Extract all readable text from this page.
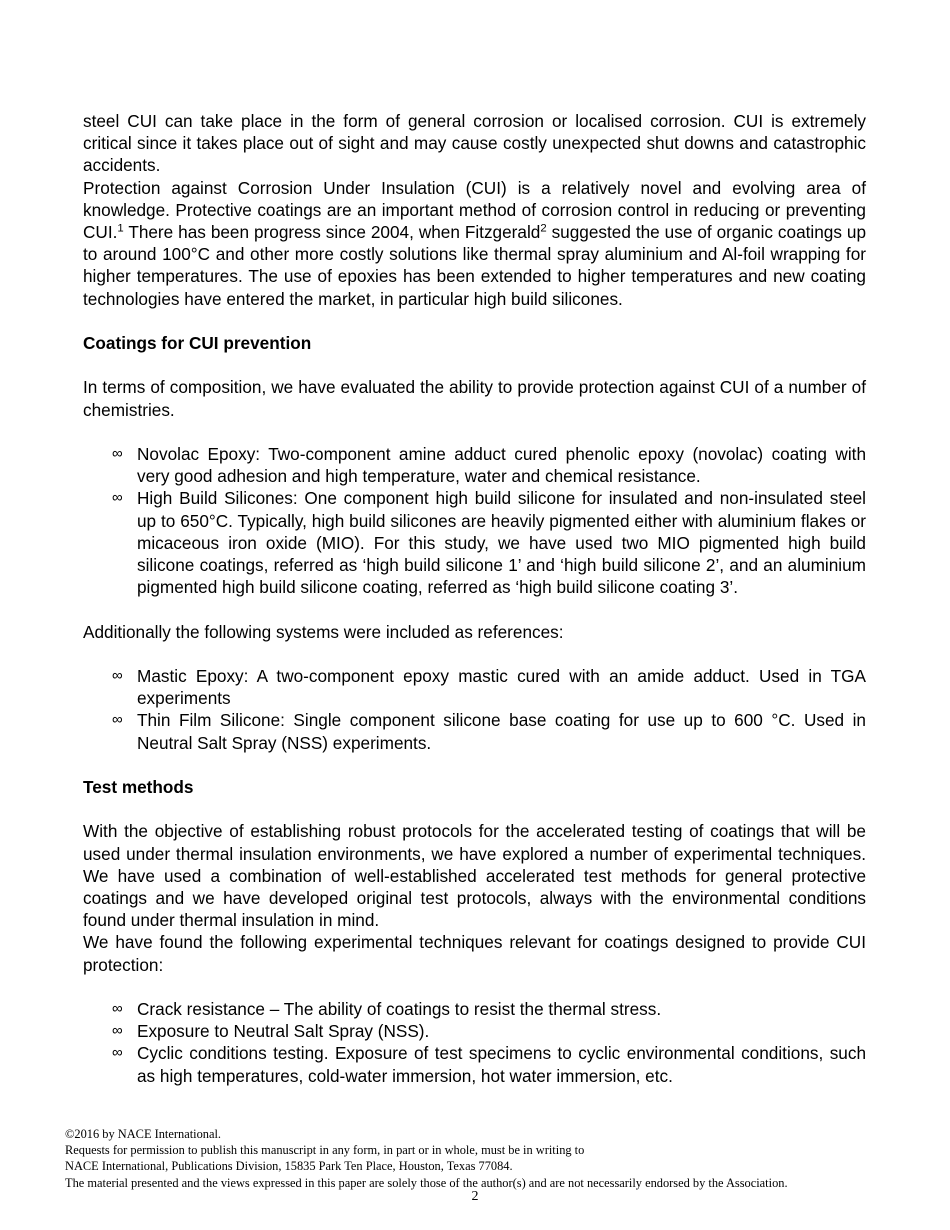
steel CUI can take place in the form of general corrosion or localised corrosion. CUI is extremely critical since it takes place out of sight and may cause costly unexpected shut downs and catastrophic accidents.

Protection against Corrosion Under Insulation (CUI) is a relatively novel and evolving area of knowledge. Protective coatings are an important method of corrosion control in reducing or preventing CUI.$^1$ There has been progress since 2004, when Fitzgerald$^2$ suggested the use of organic coatings up to around 100°C and other more costly solutions like thermal spray aluminium and Al-foil wrapping for higher temperatures. The use of epoxies has been extended to higher temperatures and new coating technologies have entered the market, in particular high build silicones.

Coatings for CUI prevention

In terms of composition, we have evaluated the ability to provide protection against CUI of a number of chemistries.

∞ Novolac Epoxy: Two-component amine adduct cured phenolic epoxy (novolac) coating with very good adhesion and high temperature, water and chemical resistance.
∞ High Build Silicones: One component high build silicone for insulated and non-insulated steel up to 650°C. Typically, high build silicones are heavily pigmented either with aluminium flakes or micaceous iron oxide (MIO). For this study, we have used two MIO pigmented high build silicone coatings, referred as ‘high build silicone 1’ and ‘high build silicone 2’, and an aluminium pigmented high build silicone coating, referred as ‘high build silicone coating 3’.

Additionally the following systems were included as references:

∞ Mastic Epoxy: A two-component epoxy mastic cured with an amide adduct. Used in TGA experiments
∞ Thin Film Silicone: Single component silicone base coating for use up to 600 °C. Used in Neutral Salt Spray (NSS) experiments.
Test methods

With the objective of establishing robust protocols for the accelerated testing of coatings that will be used under thermal insulation environments, we have explored a number of experimental techniques. We have used a combination of well-established accelerated test methods for general protective coatings and we have developed original test protocols, always with the environmental conditions found under thermal insulation in mind.

We have found the following experimental techniques relevant for coatings designed to provide CUI protection:

∞ Crack resistance – The ability of coatings to resist the thermal stress.
∞ Exposure to Neutral Salt Spray (NSS).
∞ Cyclic conditions testing. Exposure of test specimens to cyclic environmental conditions, such as high temperatures, cold-water immersion, hot water immersion, etc.
©2016 by NACE International.
Requests for permission to publish this manuscript in any form, in part or in whole, must be in writing to
NACE International, Publications Division, 15835 Park Ten Place, Houston, Texas 77084.
The material presented and the views expressed in this paper are solely those of the author(s) and are not necessarily endorsed by the Association.
2
